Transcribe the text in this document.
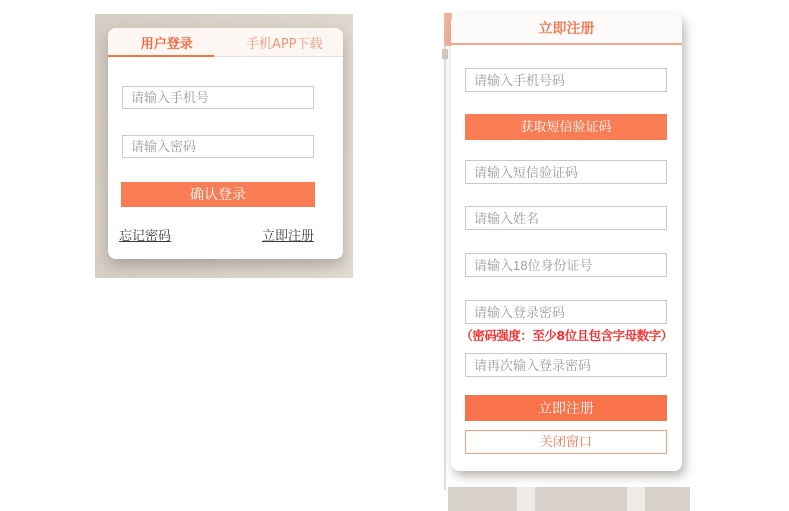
用户登录	手机APP下载
请输入手机号
请输入密码
确认登录
忘记密码	立即注册
立即注册
请输入手机号码
获取短信验证码
请输入短信验证码
请输入姓名
请输入18位身份证号
请输入登录密码
（密码强度：至少8位且包含字母数字）
请再次输入登录密码
立即注册
关闭窗口
